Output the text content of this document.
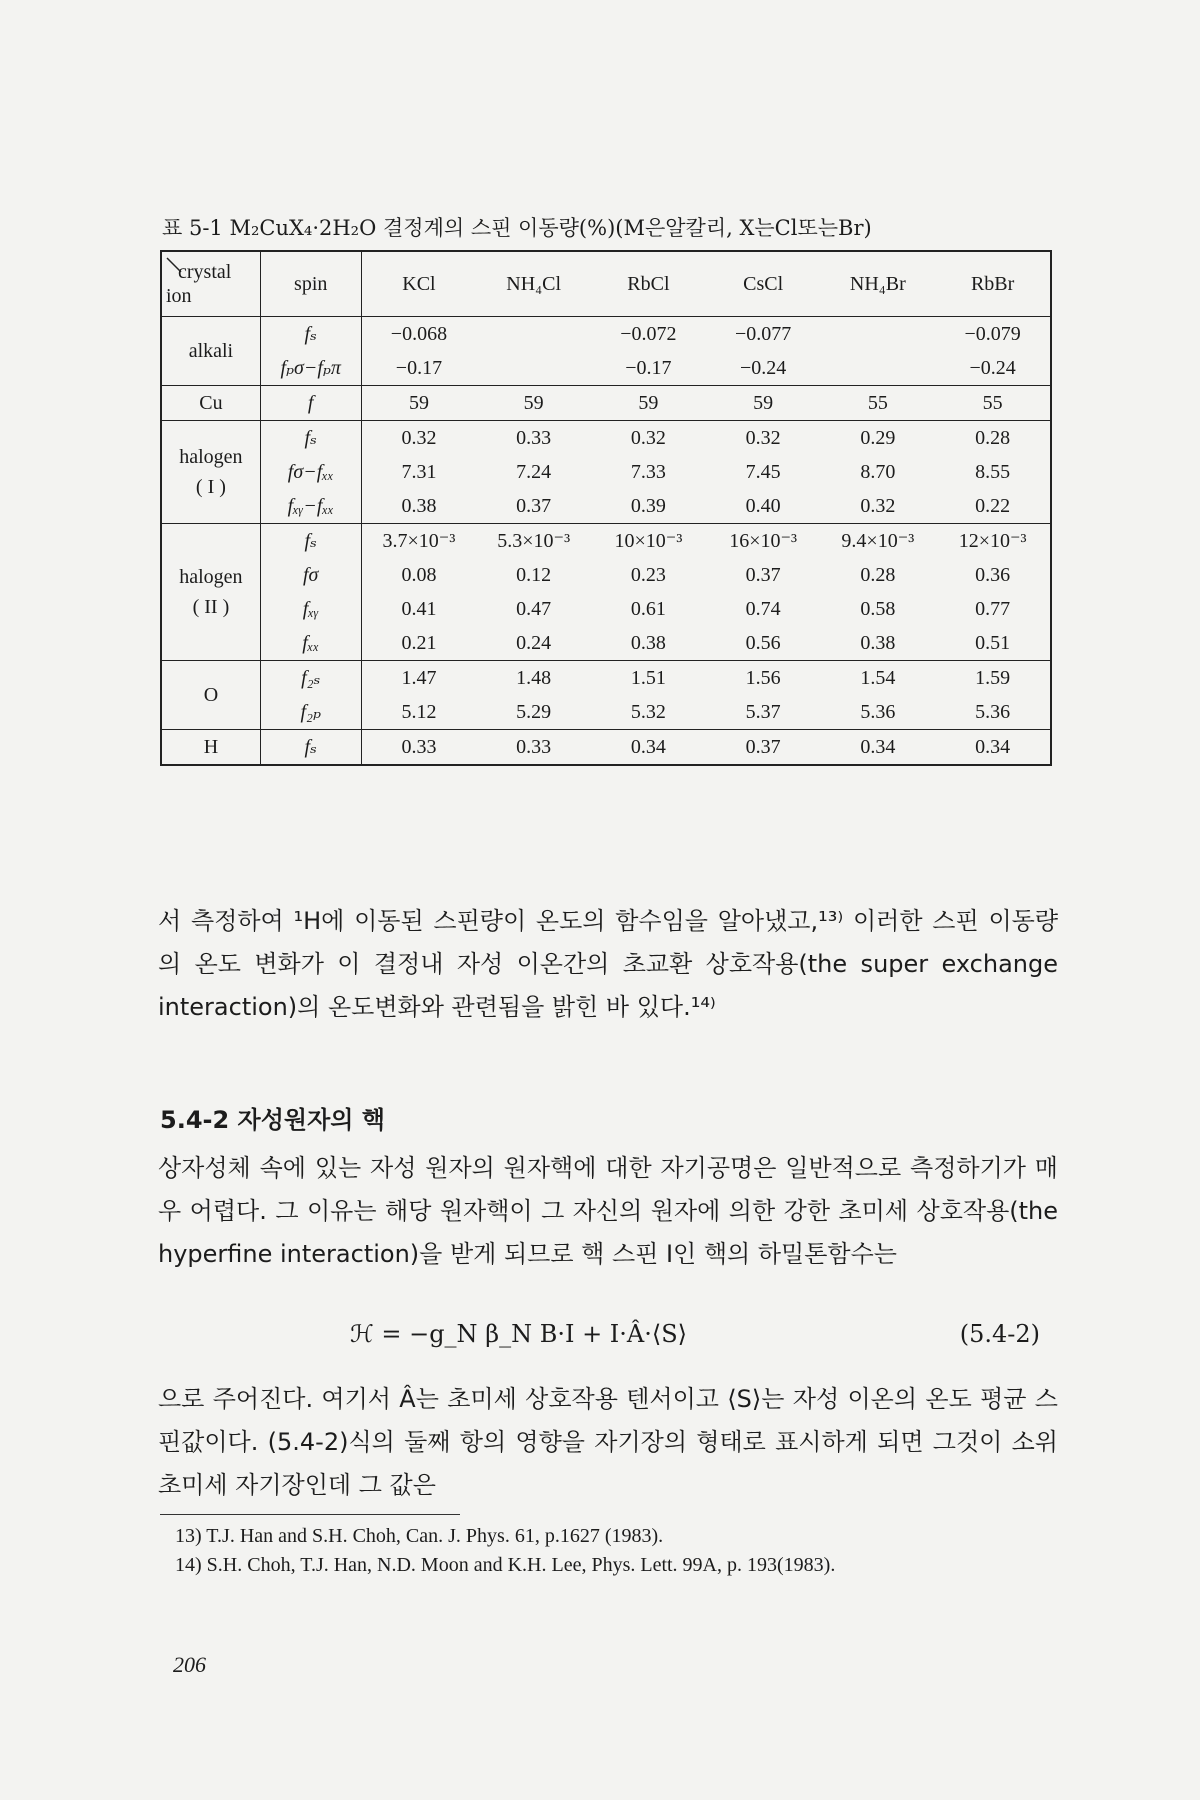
표 5-1 M₂CuX₄·2H₂O 결정계의 스핀 이동량(%)(M은알칼리, X는Cl또는Br)
crystal
ion	spin	KCl	NH₄Cl	RbCl	CsCl	NH₄Br	RbBr
alkali	fₛ	−0.068		−0.072	−0.077		−0.079
	fₚσ−fₚπ	−0.17		−0.17	−0.24		−0.24
Cu	f	59	59	59	59	55	55
halogen
( I )	fₛ	0.32	0.33	0.32	0.32	0.29	0.28
	fσ−fₓₓ	7.31	7.24	7.33	7.45	8.70	8.55
	fₓᵧ−fₓₓ	0.38	0.37	0.39	0.40	0.32	0.22
halogen
( II )	fₛ	3.7×10⁻³	5.3×10⁻³	10×10⁻³	16×10⁻³	9.4×10⁻³	12×10⁻³
	fσ	0.08	0.12	0.23	0.37	0.28	0.36
	fₓᵧ	0.41	0.47	0.61	0.74	0.58	0.77
	fₓₓ	0.21	0.24	0.38	0.56	0.38	0.51
O	f₂ₛ	1.47	1.48	1.51	1.56	1.54	1.59
	f₂ₚ	5.12	5.29	5.32	5.37	5.36	5.36
H	fₛ	0.33	0.33	0.34	0.37	0.34	0.34
서 측정하여 ¹H에 이동된 스핀량이 온도의 함수임을 알아냈고,¹³⁾ 이러한 스핀 이동량의 온도 변화가 이 결정내 자성 이온간의 초교환 상호작용(the super exchange interaction)의 온도변화와 관련됨을 밝힌 바 있다.¹⁴⁾
5.4-2 자성원자의 핵
상자성체 속에 있는 자성 원자의 원자핵에 대한 자기공명은 일반적으로 측정하기가 매우 어렵다. 그 이유는 해당 원자핵이 그 자신의 원자에 의한 강한 초미세 상호작용(the hyperfine interaction)을 받게 되므로 핵 스핀 I인 핵의 하밀톤함수는
ℋ = −g_N β_N B·I + I·Â·⟨S⟩	(5.4-2)
으로 주어진다. 여기서 Â는 초미세 상호작용 텐서이고 ⟨S⟩는 자성 이온의 온도 평균 스핀값이다. (5.4-2)식의 둘째 항의 영향을 자기장의 형태로 표시하게 되면 그것이 소위 초미세 자기장인데 그 값은
13) T.J. Han and S.H. Choh, Can. J. Phys. 61, p.1627 (1983).
14) S.H. Choh, T.J. Han, N.D. Moon and K.H. Lee, Phys. Lett. 99A, p. 193(1983).
206
